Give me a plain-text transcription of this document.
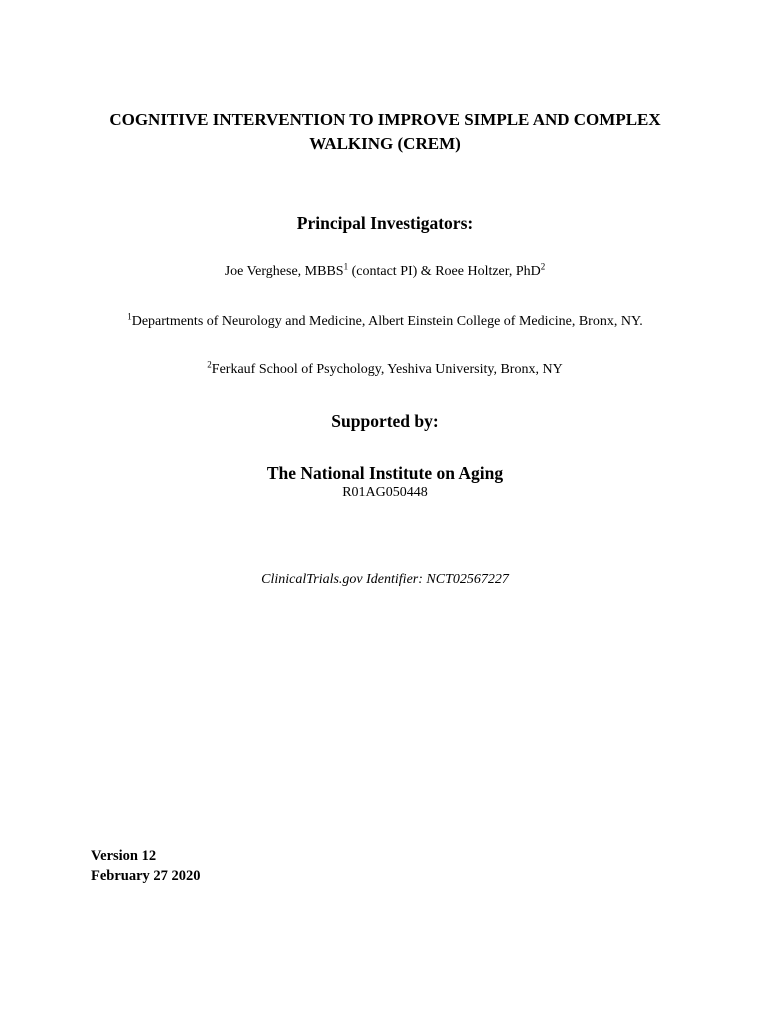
COGNITIVE INTERVENTION TO IMPROVE SIMPLE AND COMPLEX
WALKING (CREM)
Principal Investigators:
Joe Verghese, MBBS$^1$ (contact PI) & Roee Holtzer, PhD$^2$
$^1$Departments of Neurology and Medicine, Albert Einstein College of Medicine, Bronx, NY.
$^2$Ferkauf School of Psychology, Yeshiva University, Bronx, NY
Supported by:
The National Institute on Aging
R01AG050448
ClinicalTrials.gov Identifier: NCT02567227
Version 12
February 27 2020
